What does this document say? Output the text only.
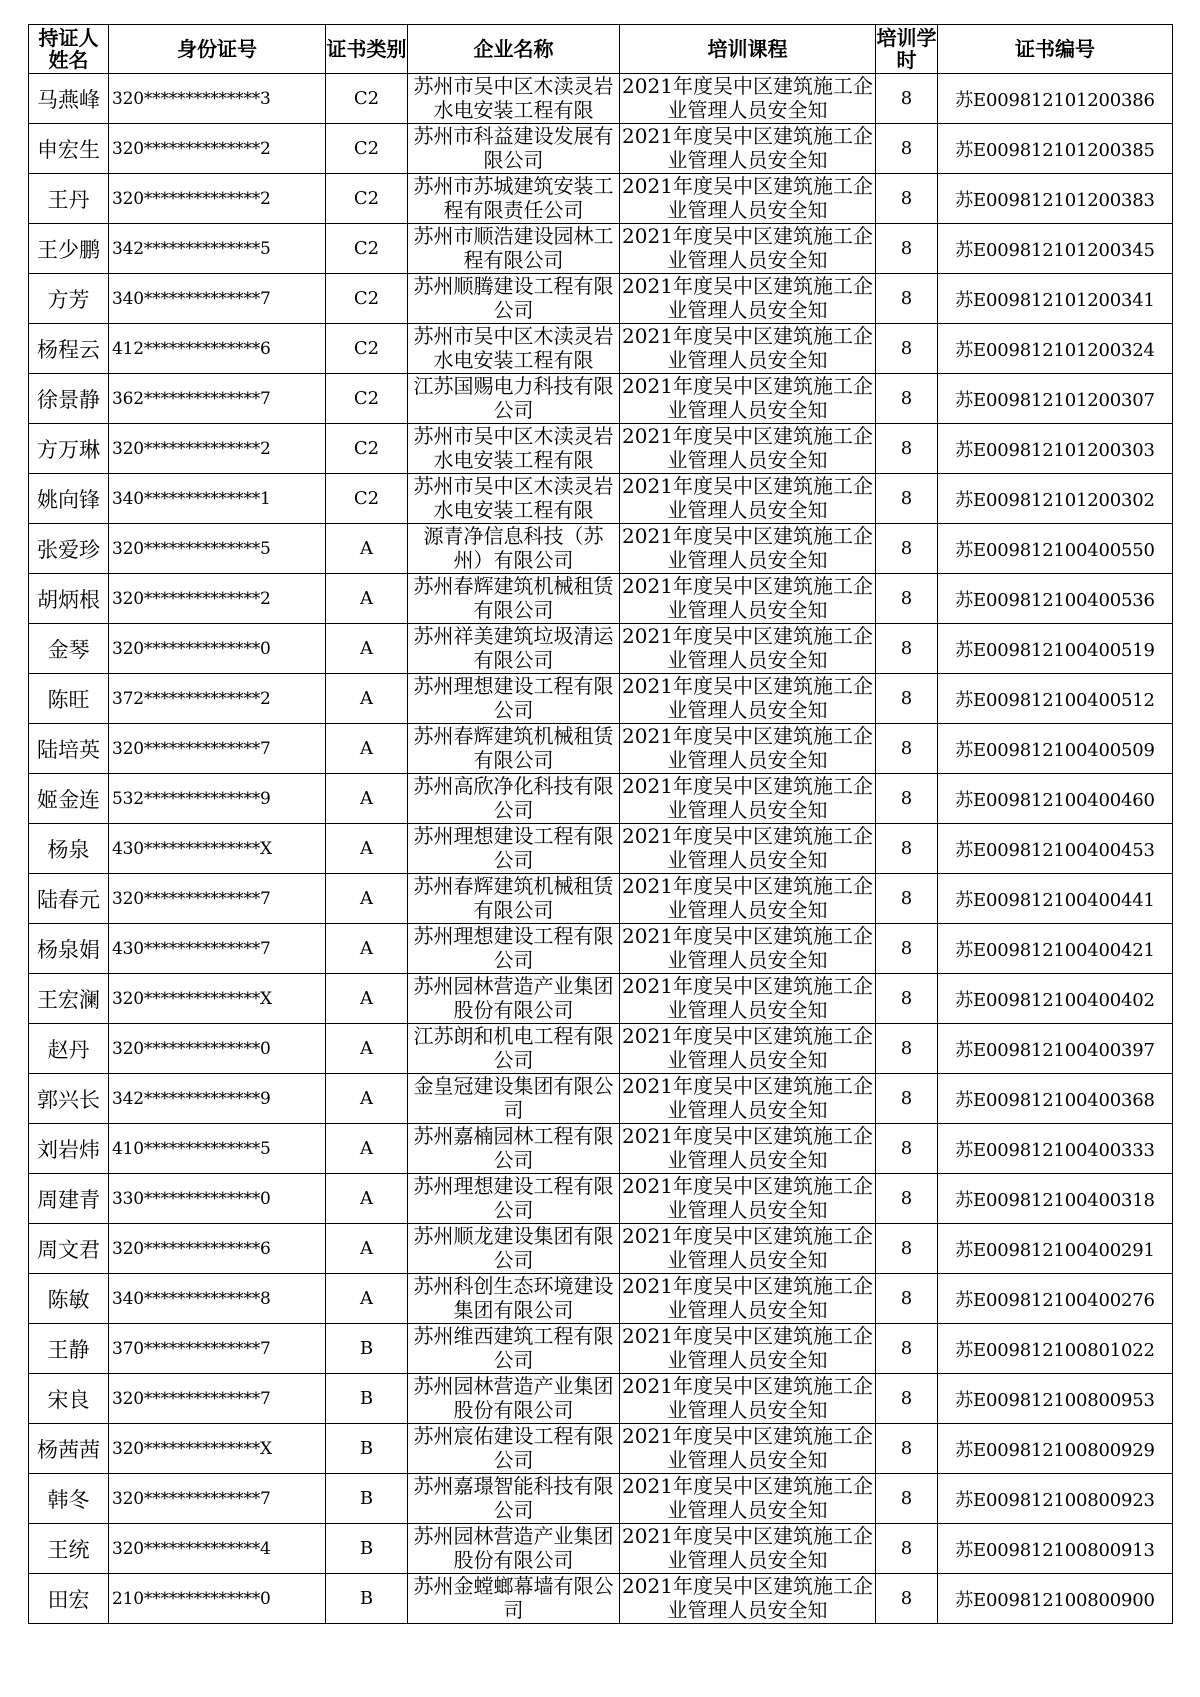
持证人姓名	身份证号	证书类别	企业名称	培训课程	培训学时	证书编号
马燕峰	320**************3	C2	苏州市吴中区木渎灵岩水电安装工程有限	2021年度吴中区建筑施工企业管理人员安全知	8	苏E009812101200386
申宏生	320**************2	C2	苏州市科益建设发展有限公司	2021年度吴中区建筑施工企业管理人员安全知	8	苏E009812101200385
王丹	320**************2	C2	苏州市苏城建筑安装工程有限责任公司	2021年度吴中区建筑施工企业管理人员安全知	8	苏E009812101200383
王少鹏	342**************5	C2	苏州市顺浩建设园林工程有限公司	2021年度吴中区建筑施工企业管理人员安全知	8	苏E009812101200345
方芳	340**************7	C2	苏州顺腾建设工程有限公司	2021年度吴中区建筑施工企业管理人员安全知	8	苏E009812101200341
杨程云	412**************6	C2	苏州市吴中区木渎灵岩水电安装工程有限	2021年度吴中区建筑施工企业管理人员安全知	8	苏E009812101200324
徐景静	362**************7	C2	江苏国赐电力科技有限公司	2021年度吴中区建筑施工企业管理人员安全知	8	苏E009812101200307
方万琳	320**************2	C2	苏州市吴中区木渎灵岩水电安装工程有限	2021年度吴中区建筑施工企业管理人员安全知	8	苏E009812101200303
姚向锋	340**************1	C2	苏州市吴中区木渎灵岩水电安装工程有限	2021年度吴中区建筑施工企业管理人员安全知	8	苏E009812101200302
张爱珍	320**************5	A	源青净信息科技（苏州）有限公司	2021年度吴中区建筑施工企业管理人员安全知	8	苏E009812100400550
胡炳根	320**************2	A	苏州春辉建筑机械租赁有限公司	2021年度吴中区建筑施工企业管理人员安全知	8	苏E009812100400536
金琴	320**************0	A	苏州祥美建筑垃圾清运有限公司	2021年度吴中区建筑施工企业管理人员安全知	8	苏E009812100400519
陈旺	372**************2	A	苏州理想建设工程有限公司	2021年度吴中区建筑施工企业管理人员安全知	8	苏E009812100400512
陆培英	320**************7	A	苏州春辉建筑机械租赁有限公司	2021年度吴中区建筑施工企业管理人员安全知	8	苏E009812100400509
姬金连	532**************9	A	苏州高欣净化科技有限公司	2021年度吴中区建筑施工企业管理人员安全知	8	苏E009812100400460
杨泉	430**************X	A	苏州理想建设工程有限公司	2021年度吴中区建筑施工企业管理人员安全知	8	苏E009812100400453
陆春元	320**************7	A	苏州春辉建筑机械租赁有限公司	2021年度吴中区建筑施工企业管理人员安全知	8	苏E009812100400441
杨泉娟	430**************7	A	苏州理想建设工程有限公司	2021年度吴中区建筑施工企业管理人员安全知	8	苏E009812100400421
王宏澜	320**************X	A	苏州园林营造产业集团股份有限公司	2021年度吴中区建筑施工企业管理人员安全知	8	苏E009812100400402
赵丹	320**************0	A	江苏朗和机电工程有限公司	2021年度吴中区建筑施工企业管理人员安全知	8	苏E009812100400397
郭兴长	342**************9	A	金皇冠建设集团有限公司	2021年度吴中区建筑施工企业管理人员安全知	8	苏E009812100400368
刘岩炜	410**************5	A	苏州嘉楠园林工程有限公司	2021年度吴中区建筑施工企业管理人员安全知	8	苏E009812100400333
周建青	330**************0	A	苏州理想建设工程有限公司	2021年度吴中区建筑施工企业管理人员安全知	8	苏E009812100400318
周文君	320**************6	A	苏州顺龙建设集团有限公司	2021年度吴中区建筑施工企业管理人员安全知	8	苏E009812100400291
陈敏	340**************8	A	苏州科创生态环境建设集团有限公司	2021年度吴中区建筑施工企业管理人员安全知	8	苏E009812100400276
王静	370**************7	B	苏州维西建筑工程有限公司	2021年度吴中区建筑施工企业管理人员安全知	8	苏E009812100801022
宋良	320**************7	B	苏州园林营造产业集团股份有限公司	2021年度吴中区建筑施工企业管理人员安全知	8	苏E009812100800953
杨茜茜	320**************X	B	苏州宸佑建设工程有限公司	2021年度吴中区建筑施工企业管理人员安全知	8	苏E009812100800929
韩冬	320**************7	B	苏州嘉璟智能科技有限公司	2021年度吴中区建筑施工企业管理人员安全知	8	苏E009812100800923
王统	320**************4	B	苏州园林营造产业集团股份有限公司	2021年度吴中区建筑施工企业管理人员安全知	8	苏E009812100800913
田宏	210**************0	B	苏州金螳螂幕墙有限公司	2021年度吴中区建筑施工企业管理人员安全知	8	苏E009812100800900
